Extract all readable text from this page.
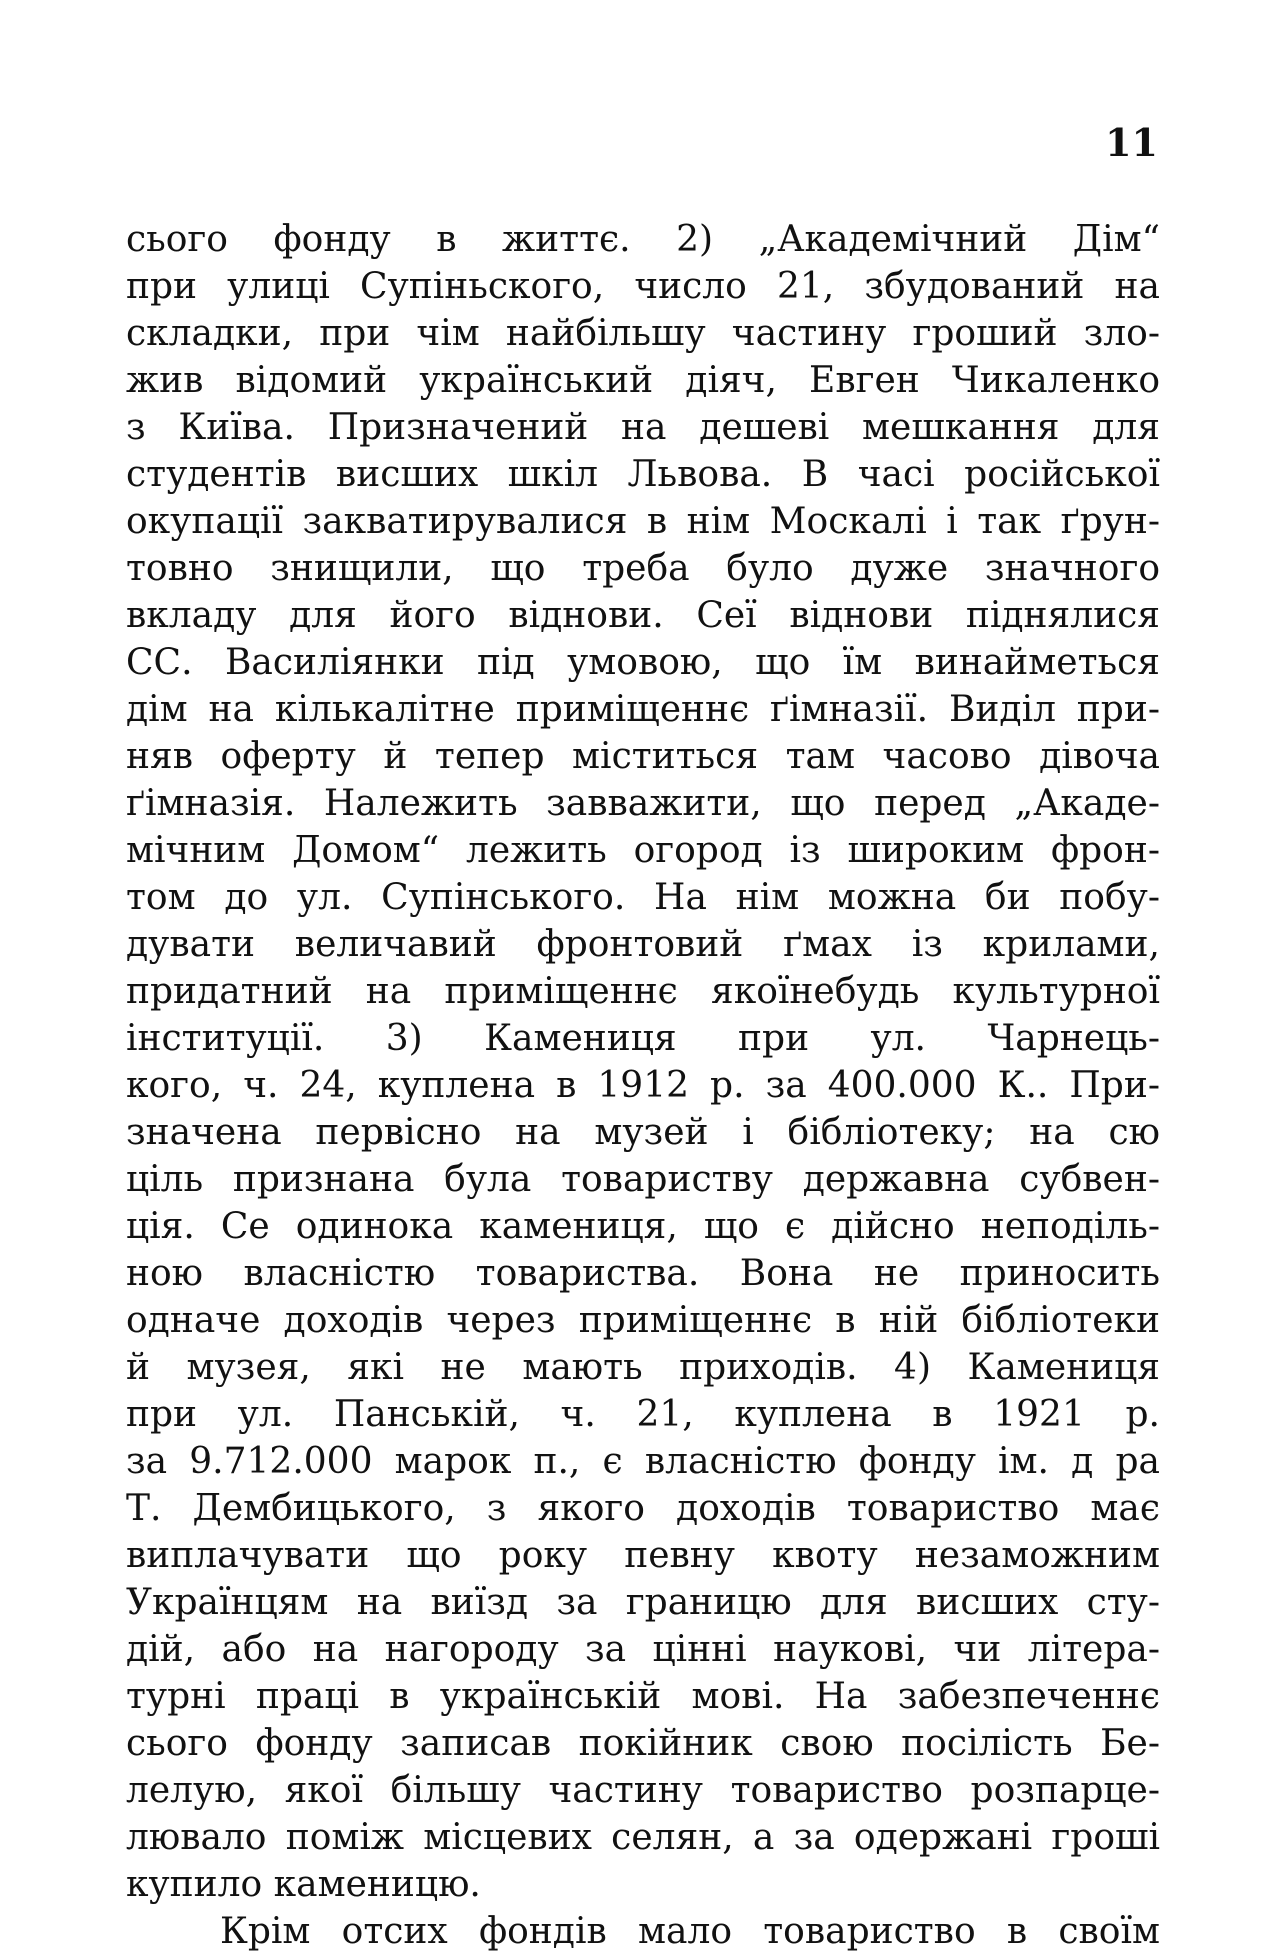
11
сього фонду в життє. 2) „Академічний Дім“
при улиці Супіньского, число 21, збудований на
складки, при чім найбільшу частину гроший зло-
жив відомий український діяч, Евген Чикаленко
з Київа. Призначений на дешеві мешкання для
студентів висших шкіл Львова. В часі російської
окупації закватирувалися в нім Москалі і так ґрун-
товно знищили, що треба було дуже значного
вкладу для його віднови. Сеї віднови піднялися
СС. Василіянки під умовою, що їм винайметься
дім на кількалітне приміщеннє ґімназії. Виділ при-
няв оферту й тепер міститься там часово дівоча
ґімназія. Належить завважити, що перед „Акаде-
мічним Домом“ лежить огород із широким фрон-
том до ул. Супінського. На нім можна би побу-
дувати величавий фронтовий ґмах із крилами,
придатний на приміщеннє якоїнебудь культурної
інституції. 3) Камениця при ул. Чарнець-
кого, ч. 24, куплена в 1912 р. за 400.000 К.. При-
значена первісно на музей і бібліотеку; на сю
ціль признана була товариству державна субвен-
ція. Се одинока камениця, що є дійсно неподіль-
ною власністю товариства. Вона не приносить
одначе доходів через приміщеннє в ній бібліотеки
й музея, які не мають приходів. 4) Камениця
при ул. Панській, ч. 21, куплена в 1921 р.
за 9.712.000 марок п., є власністю фонду ім. д ра
Т. Дембицького, з якого доходів товариство має
виплачувати що року певну квоту незаможним
Українцям на виїзд за границю для висших сту-
дій, або на нагороду за цінні наукові, чи літера-
турні праці в українській мові. На забезпеченнє
сього фонду записав покійник свою посілість Бе-
лелую, якої більшу частину товариство розпарце-
лювало поміж місцевих селян, а за одержані гроші
купило каменицю.
Крім отсих фондів мало товариство в своїм
